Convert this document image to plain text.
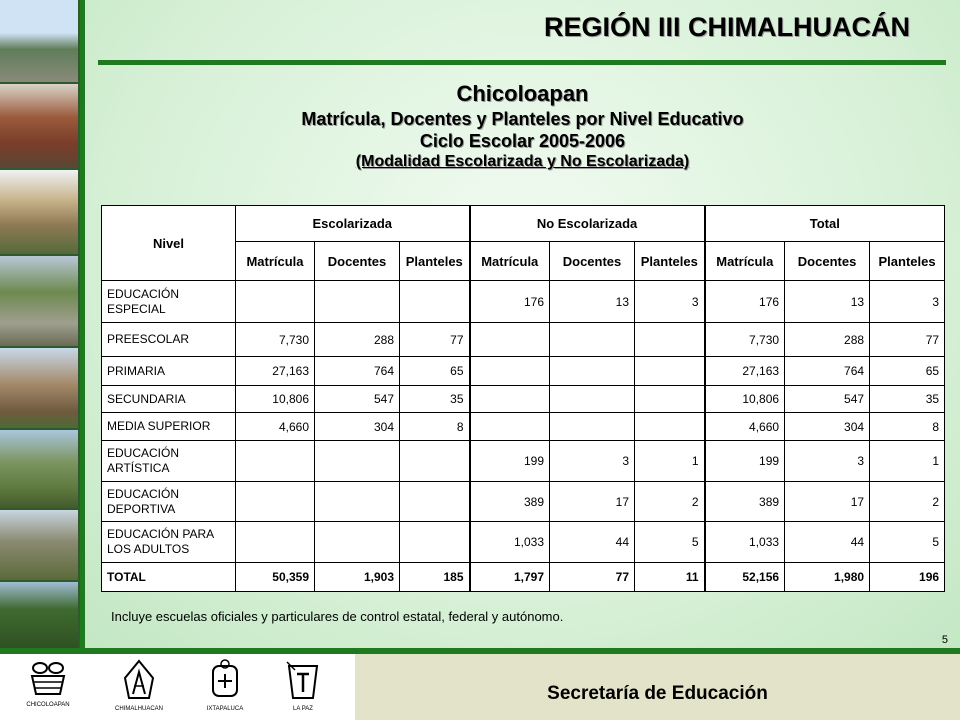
REGIÓN III CHIMALHUACÁN
Chicoloapan
Matrícula, Docentes y Planteles por Nivel Educativo
Ciclo Escolar 2005-2006
(Modalidad Escolarizada y No Escolarizada)
Nivel	Escolarizada			No Escolarizada			Total		
	Matrícula	Docentes	Planteles	Matrícula	Docentes	Planteles	Matrícula	Docentes	Planteles
EDUCACIÓN ESPECIAL				176	13	3	176	13	3
PREESCOLAR	7,730	288	77				7,730	288	77
PRIMARIA	27,163	764	65				27,163	764	65
SECUNDARIA	10,806	547	35				10,806	547	35
MEDIA SUPERIOR	4,660	304	8				4,660	304	8
EDUCACIÓN ARTÍSTICA				199	3	1	199	3	1
EDUCACIÓN DEPORTIVA				389	17	2	389	17	2
EDUCACIÓN PARA LOS ADULTOS				1,033	44	5	1,033	44	5
TOTAL	50,359	1,903	185	1,797	77	11	52,156	1,980	196
Incluye escuelas oficiales y particulares de control estatal, federal y autónomo.
5
CHICOLOAPAN
CHIMALHUACAN	IXTAPALUCA	LA PAZ
Secretaría de Educación
